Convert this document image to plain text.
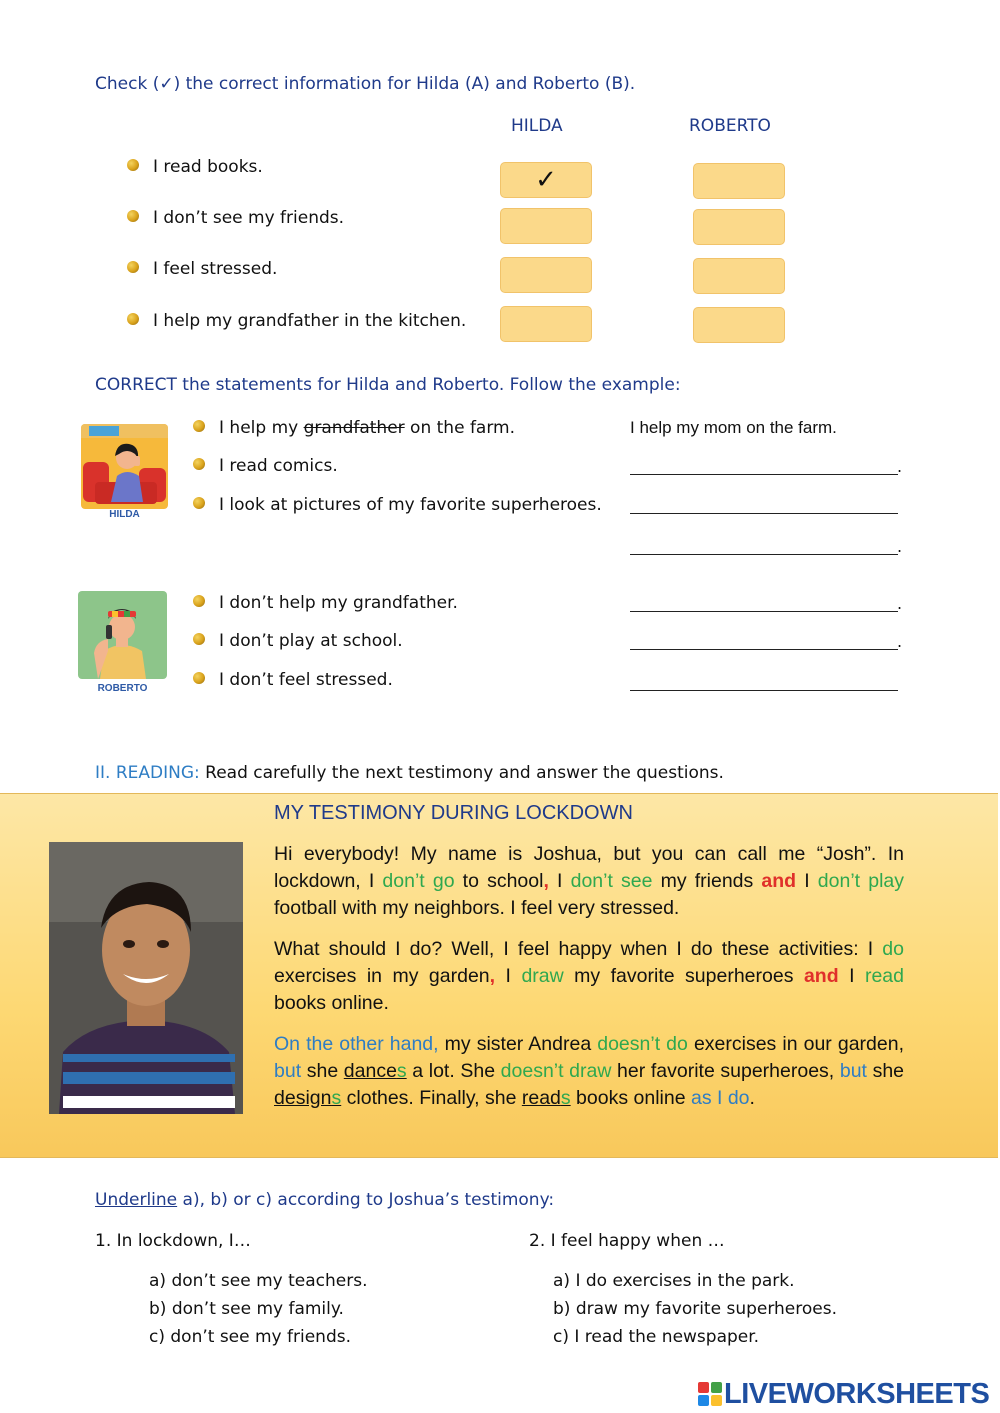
Check (✓) the correct information for Hilda (A) and Roberto (B).
HILDA	ROBERTO
I read books.	✓
I don’t see my friends.
I feel stressed.
I help my grandfather in the kitchen.
CORRECT the statements for Hilda and Roberto. Follow the example:
HILDA
I help my grandfather on the farm.	I help my mom on the farm.
I read comics.	.
I look at pictures of my favorite superheroes.
.
ROBERTO
I don’t help my grandfather.	.
I don’t play at school.	.
I don’t feel stressed.
II. READING: Read carefully the next testimony and answer the questions.
MY TESTIMONY DURING LOCKDOWN
Hi everybody! My name is Joshua, but you can call me “Josh”. In lockdown, I don’t go to school, I don’t see my friends and I don’t play football with my neighbors. I feel very stressed.
What should I do? Well, I feel happy when I do these activities: I do exercises in my garden, I draw my favorite superheroes and I read books online.
On the other hand, my sister Andrea doesn’t do exercises in our garden, but she dances a lot. She doesn’t draw her favorite superheroes, but she designs clothes. Finally, she reads books online as I do.
Underline a), b) or c) according to Joshua’s testimony:
1. In lockdown, I…
a) don’t see my teachers.
b) don’t see my family.
c) don’t see my friends.
2. I feel happy when …
a) I do exercises in the park.
b) draw my favorite superheroes.
c) I read the newspaper.
LIVEWORKSHEETS
